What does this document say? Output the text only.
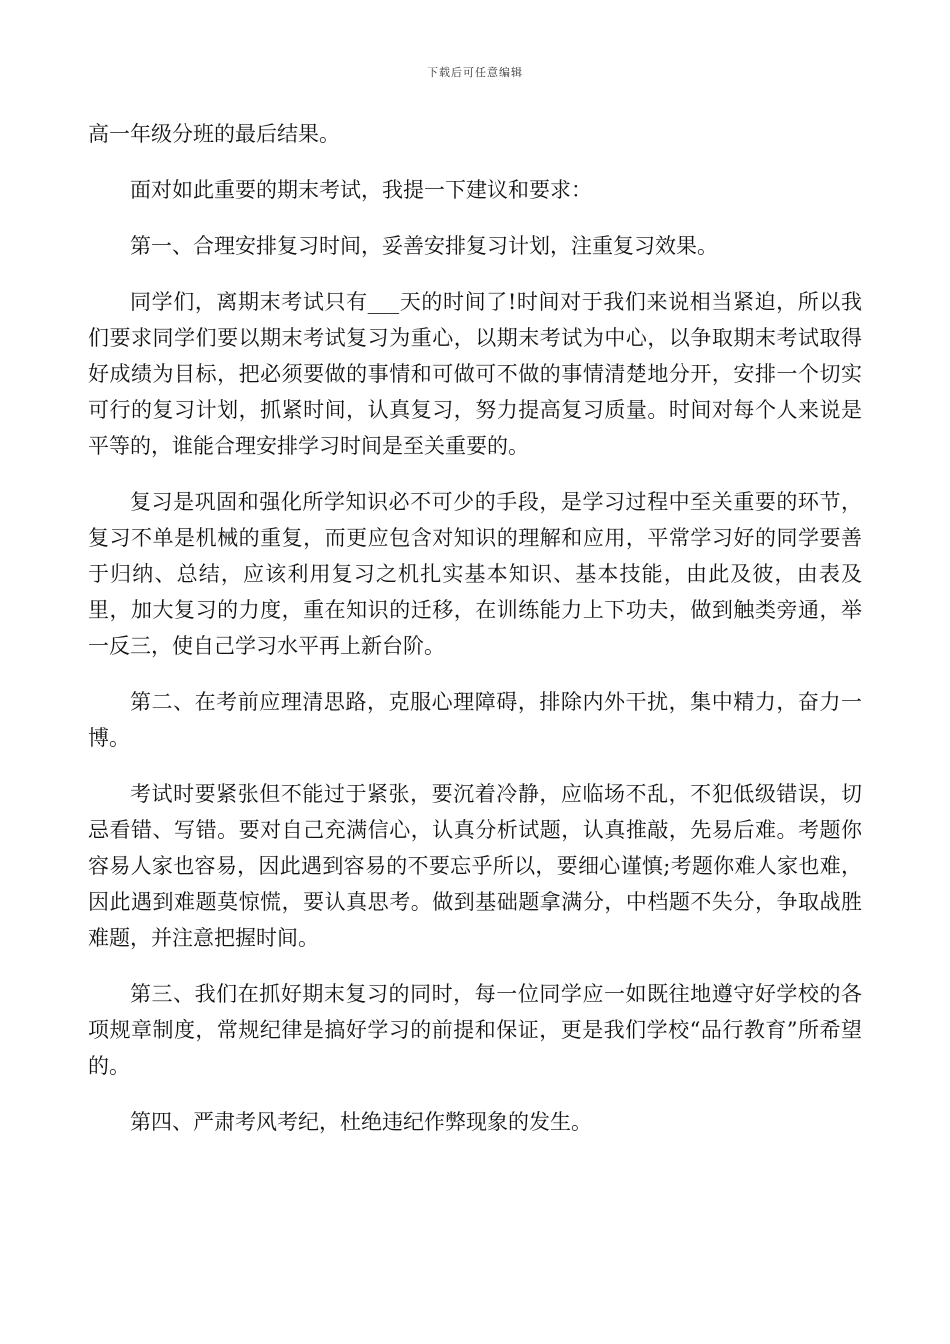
下载后可任意编辑

高一年级分班的最后结果。

面对如此重要的期末考试，我提一下建议和要求：

第一、合理安排复习时间，妥善安排复习计划，注重复习效果。

同学们，离期末考试只有___天的时间了!时间对于我们来说相当紧迫，所以我们要求同学们要以期末考试复习为重心，以期末考试为中心，以争取期末考试取得好成绩为目标，把必须要做的事情和可做可不做的事情清楚地分开，安排一个切实可行的复习计划，抓紧时间，认真复习，努力提高复习质量。时间对每个人来说是平等的，谁能合理安排学习时间是至关重要的。

复习是巩固和强化所学知识必不可少的手段，是学习过程中至关重要的环节，复习不单是机械的重复，而更应包含对知识的理解和应用，平常学习好的同学要善于归纳、总结，应该利用复习之机扎实基本知识、基本技能，由此及彼，由表及里，加大复习的力度，重在知识的迁移，在训练能力上下功夫，做到触类旁通，举一反三，使自己学习水平再上新台阶。

第二、在考前应理清思路，克服心理障碍，排除内外干扰，集中精力，奋力一博。

考试时要紧张但不能过于紧张，要沉着冷静，应临场不乱，不犯低级错误，切忌看错、写错。要对自己充满信心，认真分析试题，认真推敲，先易后难。考题你容易人家也容易，因此遇到容易的不要忘乎所以，要细心谨慎;考题你难人家也难，因此遇到难题莫惊慌，要认真思考。做到基础题拿满分，中档题不失分，争取战胜难题，并注意把握时间。

第三、我们在抓好期末复习的同时，每一位同学应一如既往地遵守好学校的各项规章制度，常规纪律是搞好学习的前提和保证，更是我们学校“品行教育”所希望的。

第四、严肃考风考纪，杜绝违纪作弊现象的发生。
